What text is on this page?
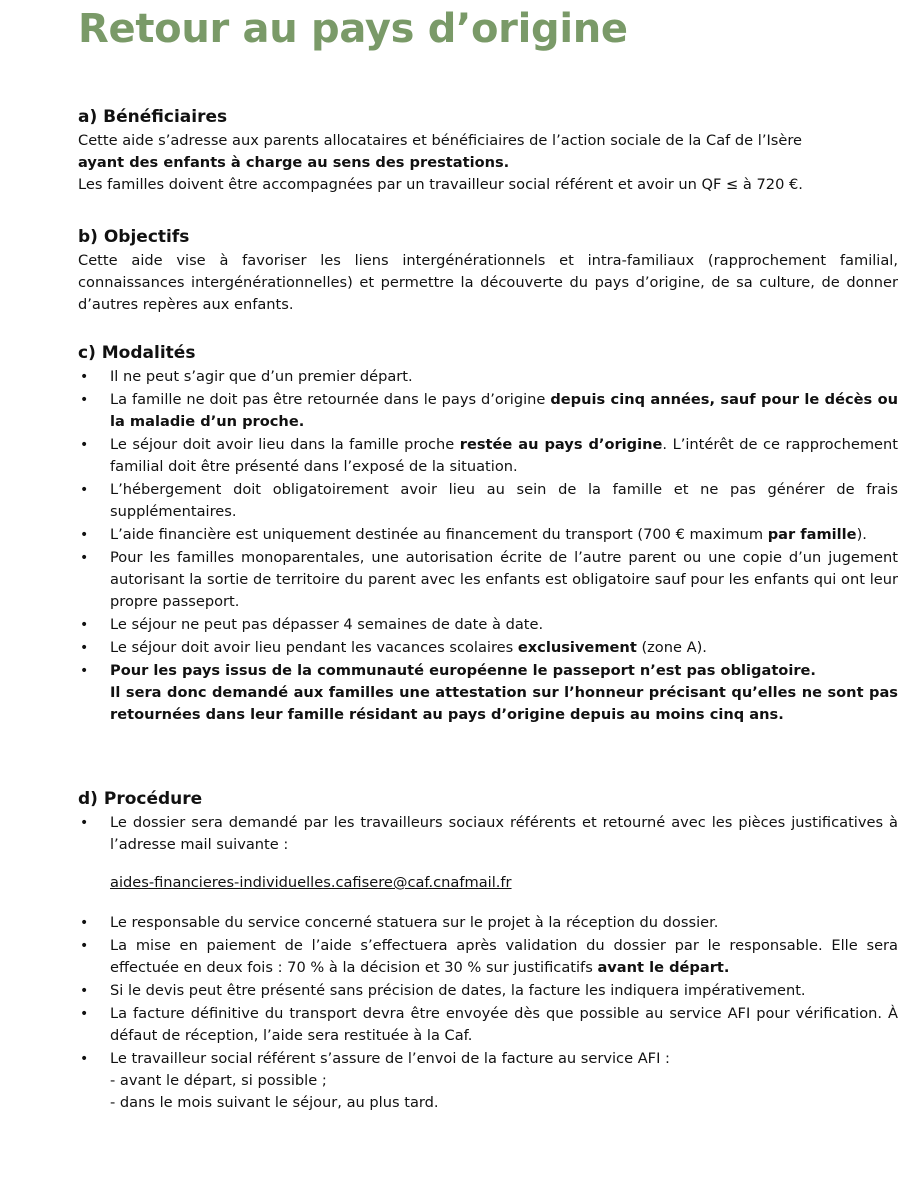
Retour au pays d’origine
a) Bénéficiaires

Cette aide s’adresse aux parents allocataires et bénéficiaires de l’action sociale de la Caf de l’Isère
ayant des enfants à charge au sens des prestations.
Les familles doivent être accompagnées par un travailleur social référent et avoir un QF ≤ à 720 €.

b) Objectifs

Cette aide vise à favoriser les liens intergénérationnels et intra-familiaux (rapprochement familial, connaissances intergénérationnelles) et permettre la découverte du pays d’origine, de sa culture, de donner d’autres repères aux enfants.

c) Modalités
• Il ne peut s’agir que d’un premier départ.
• La famille ne doit pas être retournée dans le pays d’origine depuis cinq années, sauf pour le décès ou la maladie d’un proche.
• Le séjour doit avoir lieu dans la famille proche restée au pays d’origine. L’intérêt de ce rapprochement familial doit être présenté dans l’exposé de la situation.
• L’hébergement doit obligatoirement avoir lieu au sein de la famille et ne pas générer de frais supplémentaires.
• L’aide financière est uniquement destinée au financement du transport (700 € maximum par famille).
• Pour les familles monoparentales, une autorisation écrite de l’autre parent ou une copie d’un jugement autorisant la sortie de territoire du parent avec les enfants est obligatoire sauf pour les enfants qui ont leur propre passeport.
• Le séjour ne peut pas dépasser 4 semaines de date à date.
• Le séjour doit avoir lieu pendant les vacances scolaires exclusivement (zone A).
• Pour les pays issus de la communauté européenne le passeport n’est pas obligatoire.
Il sera donc demandé aux familles une attestation sur l’honneur précisant qu’elles ne sont pas retournées dans leur famille résidant au pays d’origine depuis au moins cinq ans.
d) Procédure
• Le dossier sera demandé par les travailleurs sociaux référents et retourné avec les pièces justificatives à l’adresse mail suivante :
aides-financieres-individuelles.cafisere@caf.cnafmail.fr
• Le responsable du service concerné statuera sur le projet à la réception du dossier.
• La mise en paiement de l’aide s’effectuera après validation du dossier par le responsable. Elle sera effectuée en deux fois : 70 % à la décision et 30 % sur justificatifs avant le départ.
• Si le devis peut être présenté sans précision de dates, la facture les indiquera impérativement.
• La facture définitive du transport devra être envoyée dès que possible au service AFI pour vérification. À défaut de réception, l’aide sera restituée à la Caf.
• Le travailleur social référent s’assure de l’envoi de la facture au service AFI :
- avant le départ, si possible ;
- dans le mois suivant le séjour, au plus tard.
